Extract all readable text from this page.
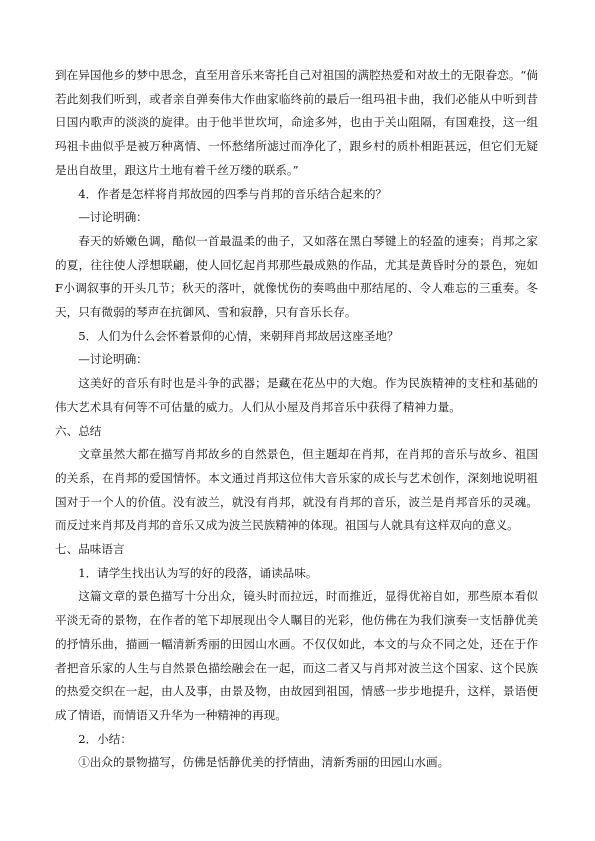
到在异国他乡的梦中思念，直至用音乐来寄托自己对祖国的满腔热爱和对故土的无限眷恋。“倘若此刻我们听到，或者亲自弹奏伟大作曲家临终前的最后一组玛祖卡曲，我们必能从中听到昔日国内歌声的淡淡的旋律。由于他半世坎坷，命途多舛，也由于关山阻隔，有国难投，这一组玛祖卡曲似乎是被万种离情、一怀愁绪所滤过而净化了，跟乡村的质朴相距甚远，但它们无疑是出自故里，跟这片土地有着千丝万缕的联系。”

4．作者是怎样将肖邦故园的四季与肖邦的音乐结合起来的？

—讨论明确：

春天的娇嫩色调，酷似一首最温柔的曲子，又如落在黑白琴键上的轻盈的速奏；肖邦之家的夏，往往使人浮想联翩，使人回忆起肖邦那些最成熟的作品，尤其是黄昏时分的景色，宛如F小调叙事的开头几节；秋天的落叶，就像忧伤的奏鸣曲中那结尾的、令人难忘的三重奏。冬天，只有微弱的琴声在抗御风、雪和寂静，只有音乐长存。

5．人们为什么会怀着景仰的心情，来朝拜肖邦故居这座圣地？

—讨论明确：

这美好的音乐有时也是斗争的武器；是藏在花丛中的大炮。作为民族精神的支柱和基础的伟大艺术具有何等不可估量的威力。人们从小屋及肖邦音乐中获得了精神力量。

六、总结

文章虽然大都在描写肖邦故乡的自然景色，但主题却在肖邦，在肖邦的音乐与故乡、祖国的关系，在肖邦的爱国情怀。本文通过肖邦这位伟大音乐家的成长与艺术创作，深刻地说明祖国对于一个人的价值。没有波兰，就没有肖邦，就没有肖邦的音乐，波兰是肖邦音乐的灵魂。而反过来肖邦及肖邦的音乐又成为波兰民族精神的体现。祖国与人就具有这样双向的意义。

七、品味语言

1．请学生找出认为写的好的段落，诵读品味。

这篇文章的景色描写十分出众，镜头时而拉远，时而推近，显得优裕自如，那些原本看似平淡无奇的景物，在作者的笔下却展现出令人瞩目的光彩，他仿佛在为我们演奏一支恬静优美的抒情乐曲，描画一幅清新秀丽的田园山水画。不仅仅如此，本文的与众不同之处，还在于作者把音乐家的人生与自然景色描绘融会在一起，而这二者又与肖邦对波兰这个国家、这个民族的热爱交织在一起，由人及事，由景及物，由故园到祖国，情感一步步地提升，这样，景语便成了情语，而情语又升华为一种精神的再现。

2．小结：

①出众的景物描写，仿佛是恬静优美的抒情曲，清新秀丽的田园山水画。
